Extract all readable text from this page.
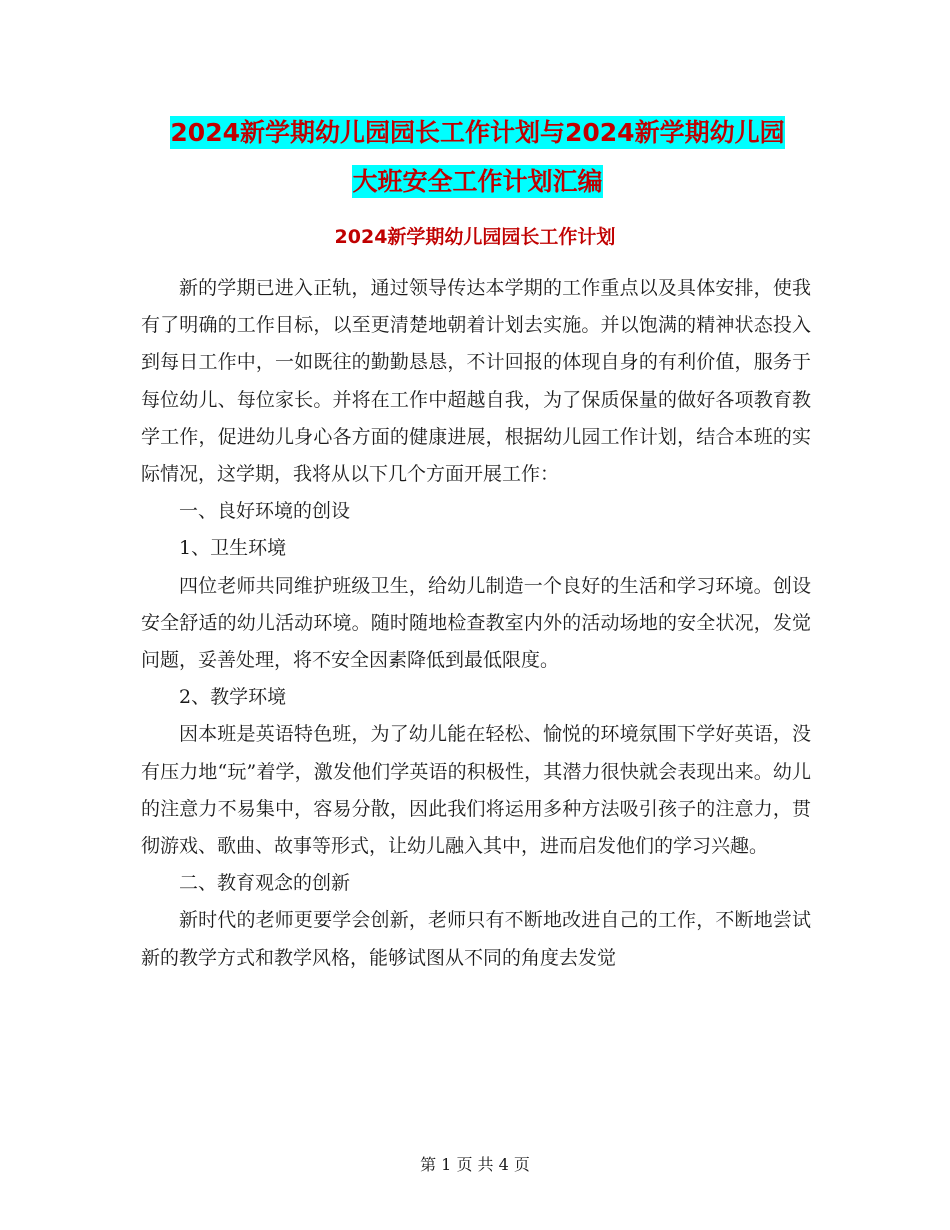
2024新学期幼儿园园长工作计划与2024新学期幼儿园
大班安全工作计划汇编
2024新学期幼儿园园长工作计划

新的学期已进入正轨，通过领导传达本学期的工作重点以及具体安排，使我有了明确的工作目标，以至更清楚地朝着计划去实施。并以饱满的精神状态投入到每日工作中，一如既往的勤勤恳恳，不计回报的体现自身的有利价值，服务于每位幼儿、每位家长。并将在工作中超越自我，为了保质保量的做好各项教育教学工作，促进幼儿身心各方面的健康进展，根据幼儿园工作计划，结合本班的实际情况，这学期，我将从以下几个方面开展工作：

一、良好环境的创设

1、卫生环境

四位老师共同维护班级卫生，给幼儿制造一个良好的生活和学习环境。创设安全舒适的幼儿活动环境。随时随地检查教室内外的活动场地的安全状况，发觉问题，妥善处理，将不安全因素降低到最低限度。

2、教学环境

因本班是英语特色班，为了幼儿能在轻松、愉悦的环境氛围下学好英语，没有压力地“玩”着学，激发他们学英语的积极性，其潜力很快就会表现出来。幼儿的注意力不易集中，容易分散，因此我们将运用多种方法吸引孩子的注意力，贯彻游戏、歌曲、故事等形式，让幼儿融入其中，进而启发他们的学习兴趣。

二、教育观念的创新

新时代的老师更要学会创新，老师只有不断地改进自己的工作，不断地尝试新的教学方式和教学风格，能够试图从不同的角度去发觉

第 1 页 共 4 页
